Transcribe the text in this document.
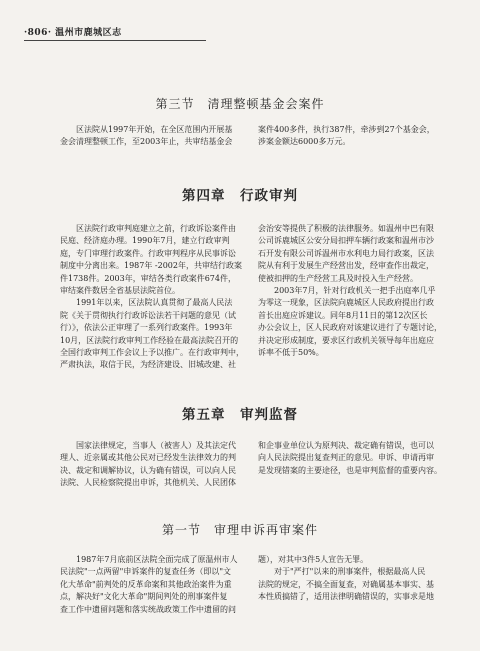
·806· 温州市鹿城区志
第三节　清理整顿基金会案件
区法院从1997年开始，在全区范围内开展基
金会清理整顿工作，至2003年止，共审结基金会
案件400多件，执行387件，牵涉到27个基金会，
涉案金额达6000多万元。
第四章　行政审判
区法院行政审判庭建立之前，行政诉讼案件由
民庭、经济庭办理。1990年7月，建立行政审判
庭，专门审理行政案件。行政审判程序从民事诉讼
制度中分离出来。1987年 -2002年，共审结行政案
件1738件。2003年，审结各类行政案件674件，
审结案件数居全省基层法院首位。
1991年以来，区法院认真贯彻了最高人民法
院《关于贯彻执行行政诉讼法若干问题的意见（试
行）》，依法公正审理了一系列行政案件。1993年
10月，区法院行政审判工作经验在最高法院召开的
全国行政审判工作会议上予以推广。在行政审判中，
严肃执法，取信于民，为经济建设、旧城改建、社
会治安等提供了积极的法律服务。如温州中巴有限
公司诉鹿城区公安分局扣押车辆行政案和温州市沙
石开发有限公司诉温州市水利电力局行政案，区法
院从有利于发展生产经营出发，经审查作出裁定，
使被扣押的生产经营工具及时投入生产经营。
2003年7月，针对行政机关一把手出庭率几乎
为零这一现象，区法院向鹿城区人民政府提出行政
首长出庭应诉建议。同年8月11日的第12次区长
办公会议上，区人民政府对该建议进行了专题讨论，
并决定形成制度，要求区行政机关领导每年出庭应
诉率不低于50%。
第五章　审判监督
国家法律规定，当事人（被害人）及其法定代
理人、近亲属或其他公民对已经发生法律效力的判
决、裁定和调解协议，认为确有错误，可以向人民
法院、人民检察院提出申诉，其他机关、人民团体
和企事业单位认为原判决、裁定确有错误，也可以
向人民法院提出复查判正的意见。申诉、申请再审
是发现错案的主要途径，也是审判监督的重要内容。
第一节　审理申诉再审案件
1987年7月底前区法院全面完成了原温州市人
民法院"一点两留"申诉案件的复查任务（即以"文
化大革命"前判处的反革命案和其他政治案件为重
点，解决好"文化大革命"期间判处的刑事案件复
查工作中遗留问题和落实统战政策工作中遗留的问
题），对其中3件5人宣告无罪。
对于"严打"以来的刑事案件，根据最高人民
法院的规定，不搞全面复查，对确属基本事实、基
本性质搞错了，适用法律明确错误的，实事求是地
